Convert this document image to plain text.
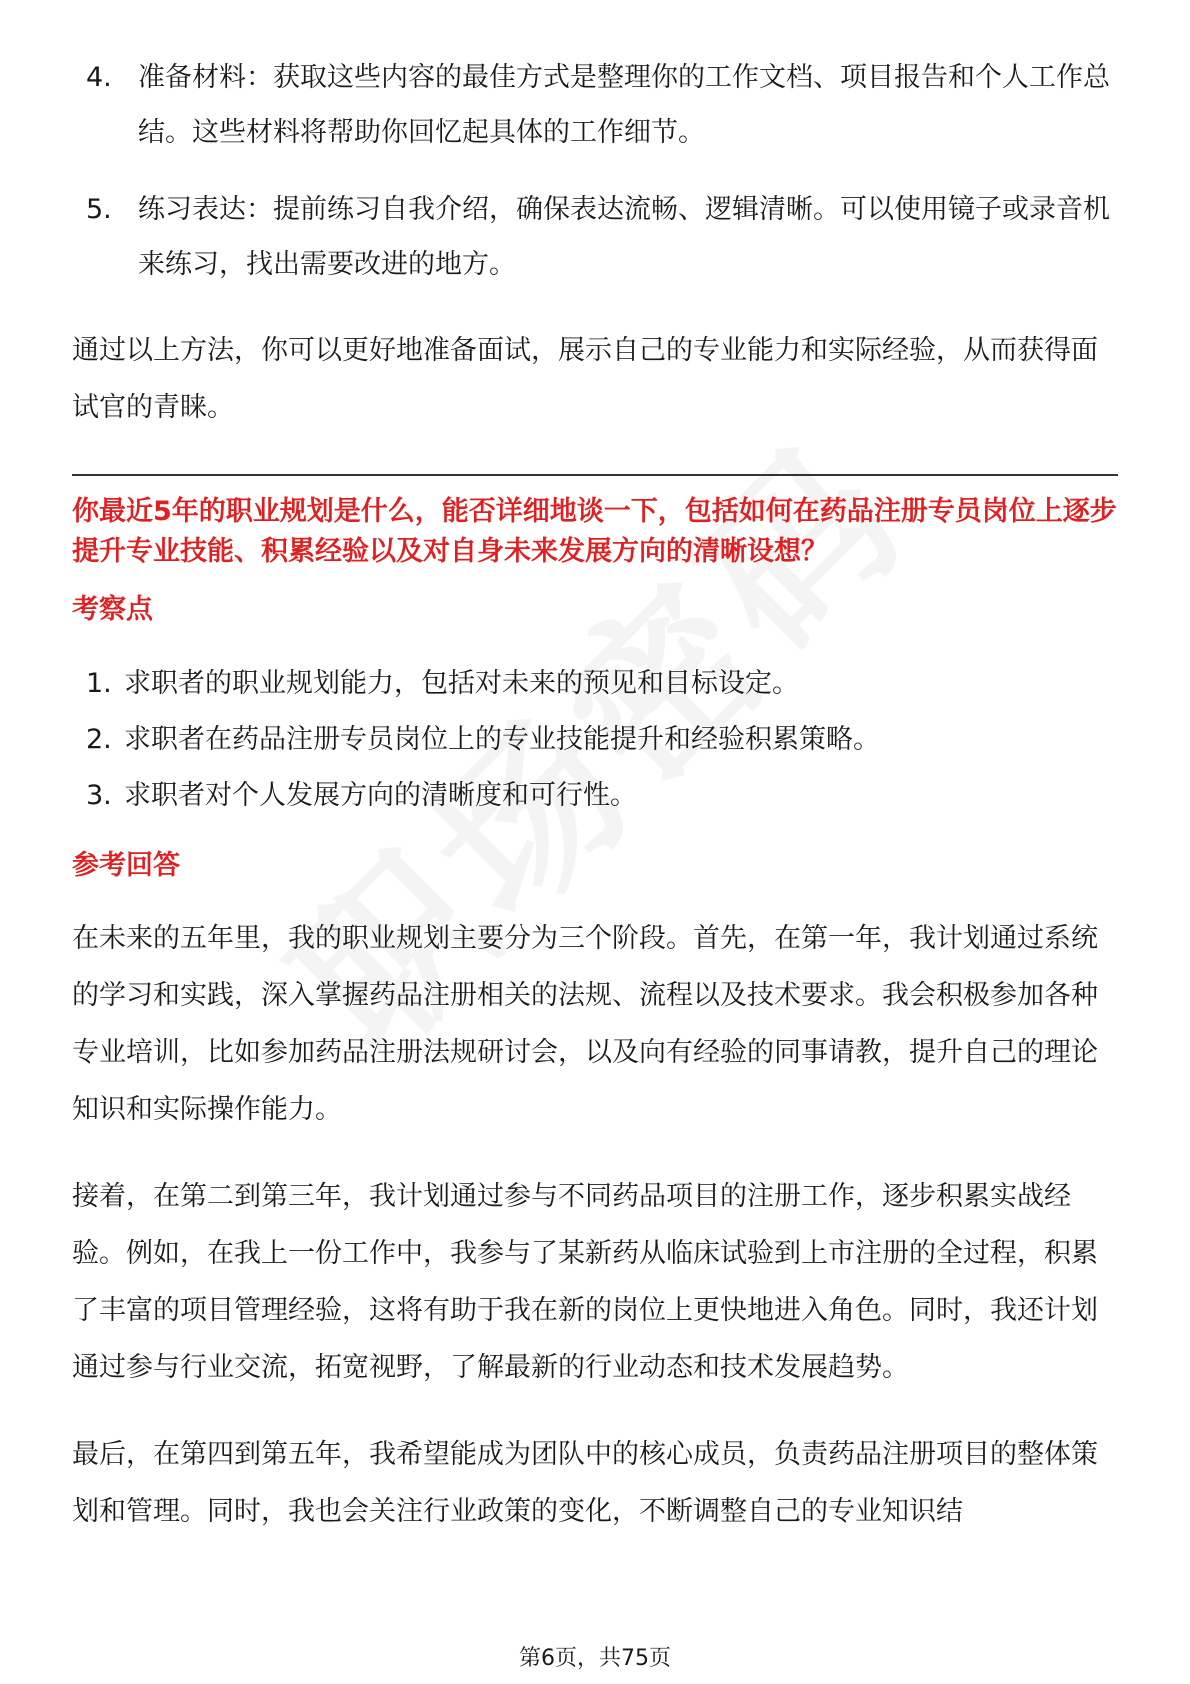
4. 准备材料：获取这些内容的最佳方式是整理你的工作文档、项目报告和个人工作总结。这些材料将帮助你回忆起具体的工作细节。
5. 练习表达：提前练习自我介绍，确保表达流畅、逻辑清晰。可以使用镜子或录音机来练习，找出需要改进的地方。

通过以上方法，你可以更好地准备面试，展示自己的专业能力和实际经验，从而获得面试官的青睐。

你最近5年的职业规划是什么，能否详细地谈一下，包括如何在药品注册专员岗位上逐步提升专业技能、积累经验以及对自身未来发展方向的清晰设想？

考察点

1. 求职者的职业规划能力，包括对未来的预见和目标设定。
2. 求职者在药品注册专员岗位上的专业技能提升和经验积累策略。
3. 求职者对个人发展方向的清晰度和可行性。

参考回答

在未来的五年里，我的职业规划主要分为三个阶段。首先，在第一年，我计划通过系统的学习和实践，深入掌握药品注册相关的法规、流程以及技术要求。我会积极参加各种专业培训，比如参加药品注册法规研讨会，以及向有经验的同事请教，提升自己的理论知识和实际操作能力。

接着，在第二到第三年，我计划通过参与不同药品项目的注册工作，逐步积累实战经验。例如，在我上一份工作中，我参与了某新药从临床试验到上市注册的全过程，积累了丰富的项目管理经验，这将有助于我在新的岗位上更快地进入角色。同时，我还计划通过参与行业交流，拓宽视野，了解最新的行业动态和技术发展趋势。

最后，在第四到第五年，我希望能成为团队中的核心成员，负责药品注册项目的整体策划和管理。同时，我也会关注行业政策的变化，不断调整自己的专业知识结

第6页，共75页
